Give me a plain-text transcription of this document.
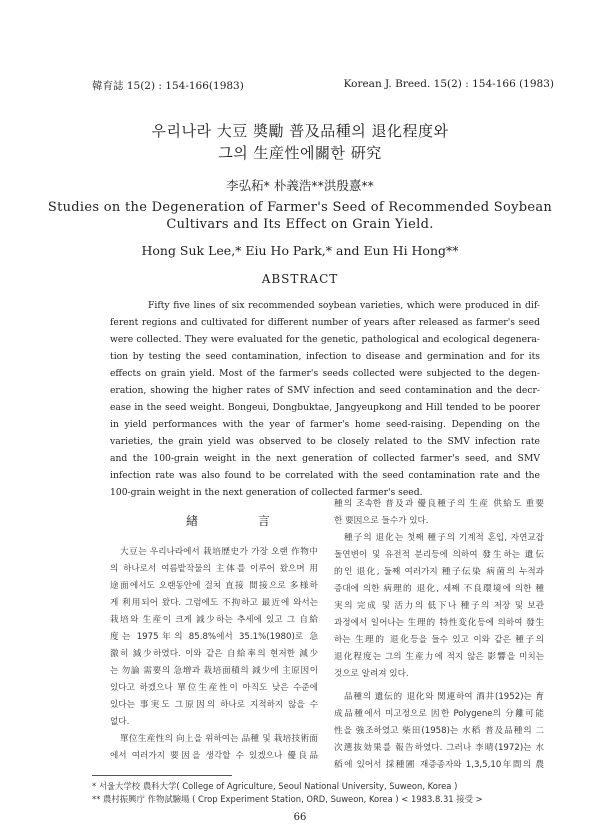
韓育誌 15(2) : 154-166(1983)	Korean J. Breed. 15(2) : 154-166 (1983)
우리나라 大豆 奬勵 普及品種의 退化程度와
그의 生産性에關한 硏究
李弘䄷* 朴義浩**洪殷憙**
Studies on the Degeneration of Farmer's Seed of Recommended Soybean
Cultivars and Its Effect on Grain Yield.
Hong Suk Lee,* Eiu Ho Park,* and Eun Hi Hong**
ABSTRACT
Fifty five lines of six recommended soybean varieties, which were produced in dif-
ferent regions and cultivated for different number of years after released as farmer's seed
were collected. They were evaluated for the genetic, pathological and ecological degenera-
tion by testing the seed contamination, infection to disease and germination and for its
effects on grain yield. Most of the farmer's seeds collected were subjected to the degen-
eration, showing the higher rates of SMV infection and seed contamination and the decr-
ease in the seed weight. Bongeui, Dongbuktae, Jangyeupkong and Hill tended to be poorer
in yield performances with the year of farmer's home seed-raising. Depending on the
varieties, the grain yield was observed to be closely related to the SMV infection rate
and the 100-grain weight in the next generation of collected farmer's seed, and SMV
infection rate was also found to be correlated with the seed contamination rate and the
100-grain weight in the next generation of collected farmer's seed.
緖 言
大豆는 우리나라에서 栽培歷史가 가장 오랜 作物中
의 하나로서 여름밭작물의 主体를 이루어 왔으며 用
途面에서도 오랜동안에 걸쳐 直接 間接으로 多様하
게 利用되어 왔다. 그럼에도 不拘하고 最近에 와서는
栽培와 生産이 크게 減少하는 추세에 있고 그 自給
度는 1975年의 85.8%에서 35.1%(1980)로 急
激히 減少하였다. 이와 같은 自給率의 현저한 減少
는 勿論 需要의 急増과 栽培面積의 減少에 主原因이
있다고 하겠으나 單位生産性이 아직도 낮은 수준에
있다는 事実도 그原因의 하나로 지적하지 않을 수
없다.
單位生産性의 向上을 위하여는 品種 및 栽培技術面
에서 여러가지 要因을 생각할 수 있겠으나 優良品
種의 조속한 普及과 優良種子의 生産 供給도 重要
한 要因으로 들수가 있다.
種子의 退化는 첫째 種子의 기계적 혼입, 자연교잡
돌연변이 및 유전적 분리등에 의하여 發生하는 遺伝
的인 退化, 둘째 여러가지 種子伝染 病菌의 누적과
증대에 의한 病理的 退化, 세째 不良環境에 의한 種
実의 完成 및 活力의 低下나 種子의 저장 및 보관
과정에서 일어나는 生理的 特性変化등에 의하여 發生
하는 生理的 退化등을 들수 있고 이와 같은 種子의
退化程度는 그의 生産力에 적지 않은 影響을 미치는
것으로 알려져 있다.
品種의 遺伝的 退化와 関連하여 酒井(1952)는 育
成品種에서 미고정으로 因한 Polygene의 分離可能
性을 強조하였고 柴田(1958)는 水稻 普及品種의 二
次選抜効果를 報告하였다. 그러나 李晴(1972)는 水
稻에 있어서 採種圃 재증종자와 1,3,5,10年間의 農
* 서울大学校 農科大学( College of Agriculture, Seoul National University, Suweon, Korea )
** 農村振興庁 作物試驗場 ( Crop Experiment Station, ORD, Suweon, Korea ) < 1983.8.31 接受 >
66
